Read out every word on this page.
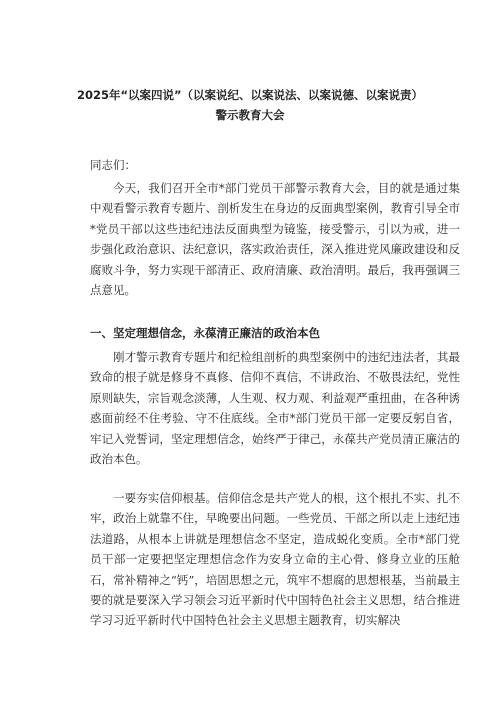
2025年“以案四说”（以案说纪、以案说法、以案说德、以案说责）
警示教育大会

同志们：

今天，我们召开全市*部门党员干部警示教育大会，目的就是通过集中观看警示教育专题片、剖析发生在身边的反面典型案例，教育引导全市*党员干部以这些违纪违法反面典型为镜鉴，接受警示，引以为戒，进一步强化政治意识、法纪意识，落实政治责任，深入推进党风廉政建设和反腐败斗争，努力实现干部清正、政府清廉、政治清明。最后，我再强调三点意见。

一、坚定理想信念，永葆清正廉洁的政治本色

刚才警示教育专题片和纪检组剖析的典型案例中的违纪违法者，其最致命的根子就是修身不真修、信仰不真信，不讲政治、不敬畏法纪，党性原则缺失，宗旨观念淡薄，人生观、权力观、利益观严重扭曲，在各种诱惑面前经不住考验、守不住底线。全市*部门党员干部一定要反躬自省，牢记入党誓词，坚定理想信念，始终严于律己，永葆共产党员清正廉洁的政治本色。

一要夯实信仰根基。信仰信念是共产党人的根，这个根扎不实、扎不牢，政治上就靠不住，早晚要出问题。一些党员、干部之所以走上违纪违法道路，从根本上讲就是理想信念不坚定，造成蜕化变质。全市*部门党员干部一定要把坚定理想信念作为安身立命的主心骨、修身立业的压舱石，常补精神之“钙”，培固思想之元，筑牢不想腐的思想根基，当前最主要的就是要深入学习领会习近平新时代中国特色社会主义思想，结合推进学习习近平新时代中国特色社会主义思想主题教育，切实解决
